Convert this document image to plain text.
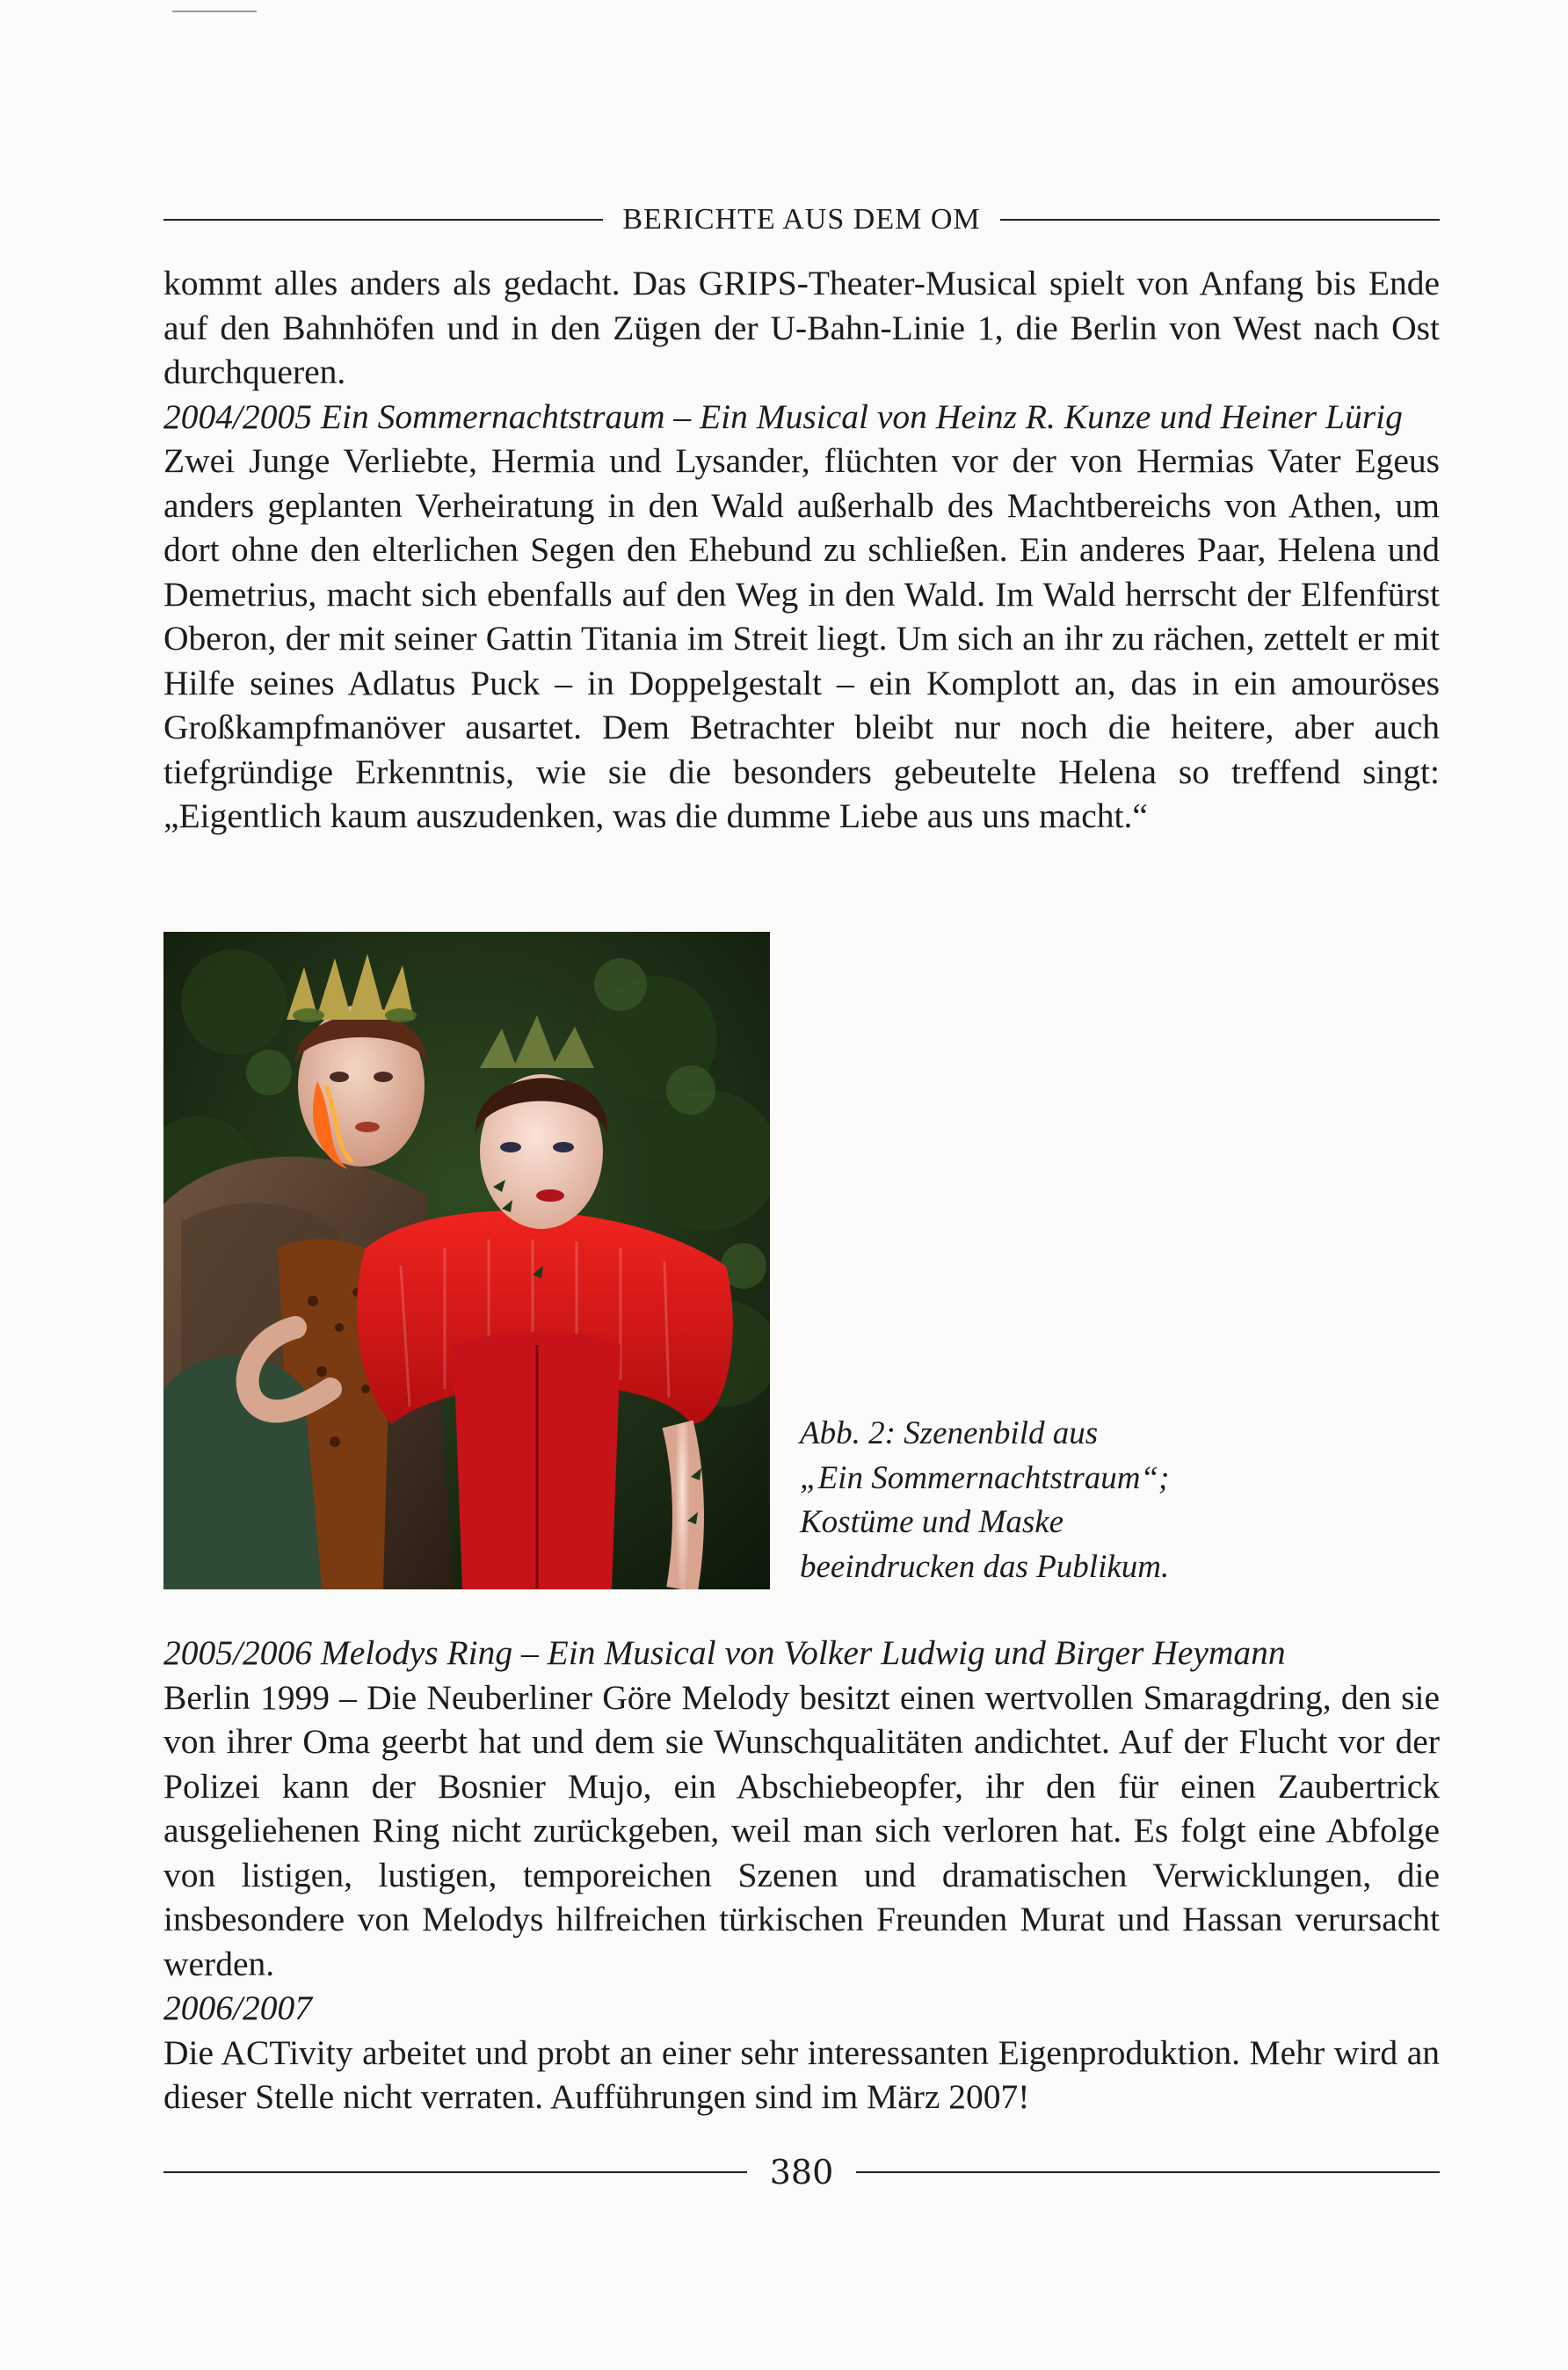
BERICHTE AUS DEM OM

kommt alles anders als gedacht. Das GRIPS-Theater-Musical spielt von Anfang bis Ende auf den Bahnhöfen und in den Zügen der U-Bahn-Linie 1, die Berlin von West nach Ost durchqueren.

2004/2005 Ein Sommernachtstraum – Ein Musical von Heinz R. Kunze und Heiner Lürig

Zwei Junge Verliebte, Hermia und Lysander, flüchten vor der von Hermias Vater Egeus anders geplanten Verheiratung in den Wald außerhalb des Machtbereichs von Athen, um dort ohne den elterlichen Segen den Ehebund zu schließen. Ein anderes Paar, Helena und Demetrius, macht sich ebenfalls auf den Weg in den Wald. Im Wald herrscht der Elfenfürst Oberon, der mit seiner Gattin Titania im Streit liegt. Um sich an ihr zu rächen, zettelt er mit Hilfe seines Adlatus Puck – in Doppelgestalt – ein Komplott an, das in ein amouröses Großkampfmanöver ausartet. Dem Betrachter bleibt nur noch die heitere, aber auch tiefgründige Erkenntnis, wie sie die besonders gebeutelte Helena so treffend singt: „Eigentlich kaum auszudenken, was die dumme Liebe aus uns macht.“

Abb. 2: Szenenbild aus

„Ein Sommernachtstraum“;

Kostüme und Maske

beeindrucken das Publikum.

2005/2006 Melodys Ring – Ein Musical von Volker Ludwig und Birger Heymann

Berlin 1999 – Die Neuberliner Göre Melody besitzt einen wertvollen Smaragdring, den sie von ihrer Oma geerbt hat und dem sie Wunschqualitäten andichtet. Auf der Flucht vor der Polizei kann der Bosnier Mujo, ein Abschiebeopfer, ihr den für einen Zaubertrick ausgeliehenen Ring nicht zurückgeben, weil man sich verloren hat. Es folgt eine Abfolge von listigen, lustigen, temporeichen Szenen und dramatischen Verwicklungen, die insbesondere von Melodys hilfreichen türkischen Freunden Murat und Hassan verursacht werden.

2006/2007

Die ACTivity arbeitet und probt an einer sehr interessanten Eigenproduktion. Mehr wird an dieser Stelle nicht verraten. Aufführungen sind im März 2007!

380
